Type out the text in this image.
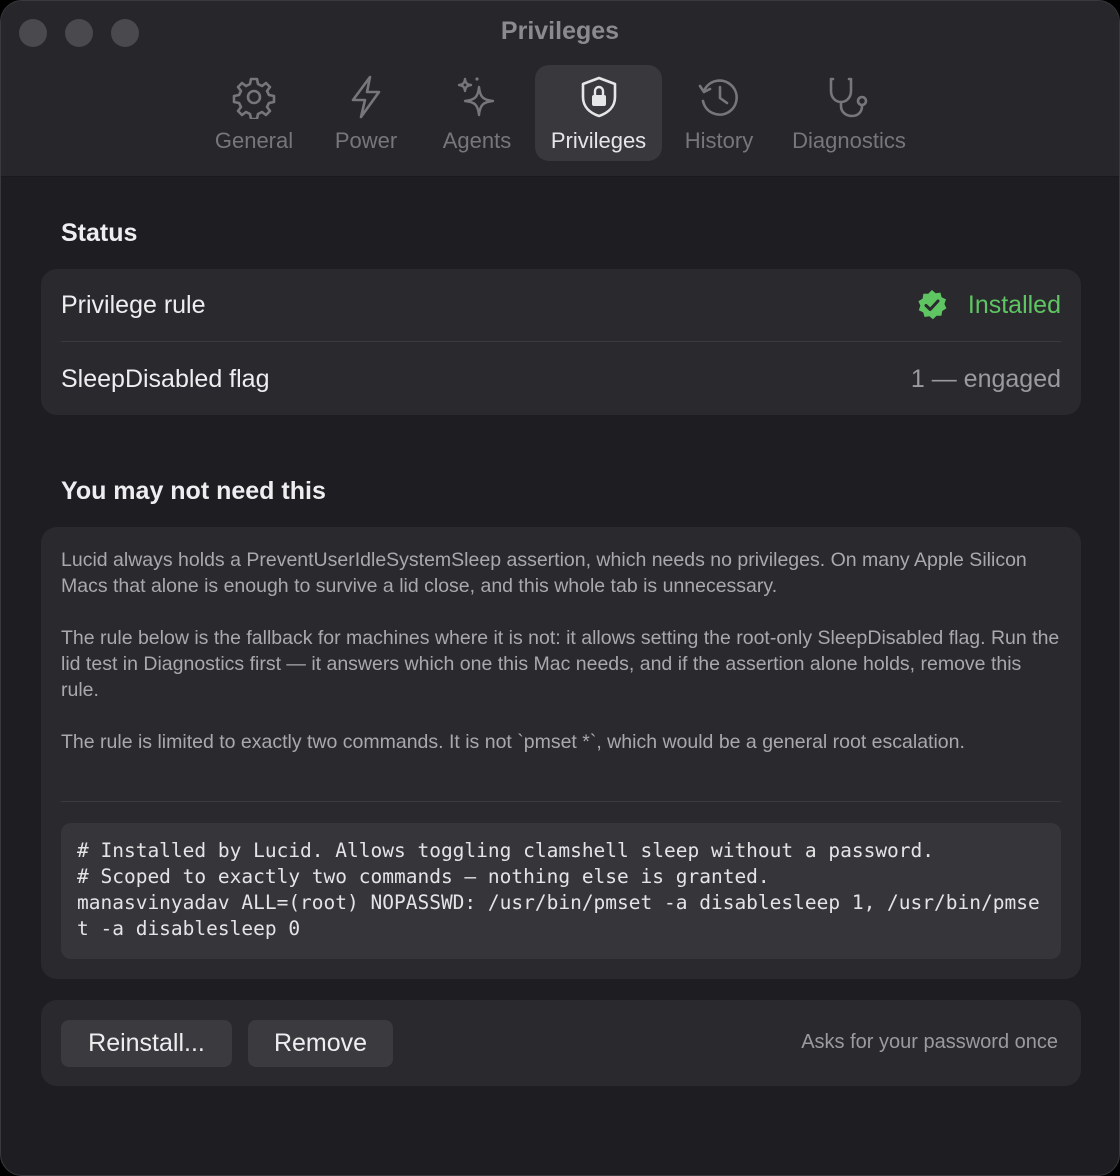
Privileges
General Power Agents Privileges History Diagnostics
Status
Privilege rule	Installed
SleepDisabled flag	1 — engaged
You may not need this

Lucid always holds a PreventUserIdleSystemSleep assertion, which needs no privileges. On many Apple Silicon Macs that alone is enough to survive a lid close, and this whole tab is unnecessary.

The rule below is the fallback for machines where it is not: it allows setting the root-only SleepDisabled flag. Run the lid test in Diagnostics first — it answers which one this Mac needs, and if the assertion alone holds, remove this rule.

The rule is limited to exactly two commands. It is not `pmset *`, which would be a general root escalation.

# Installed by Lucid. Allows toggling clamshell sleep without a password.
# Scoped to exactly two commands — nothing else is granted.
manasvinyadav ALL=(root) NOPASSWD: /usr/bin/pmset -a disablesleep 1, /usr/bin/pmset -a disablesleep 0
Reinstall...	Remove	Asks for your password once
